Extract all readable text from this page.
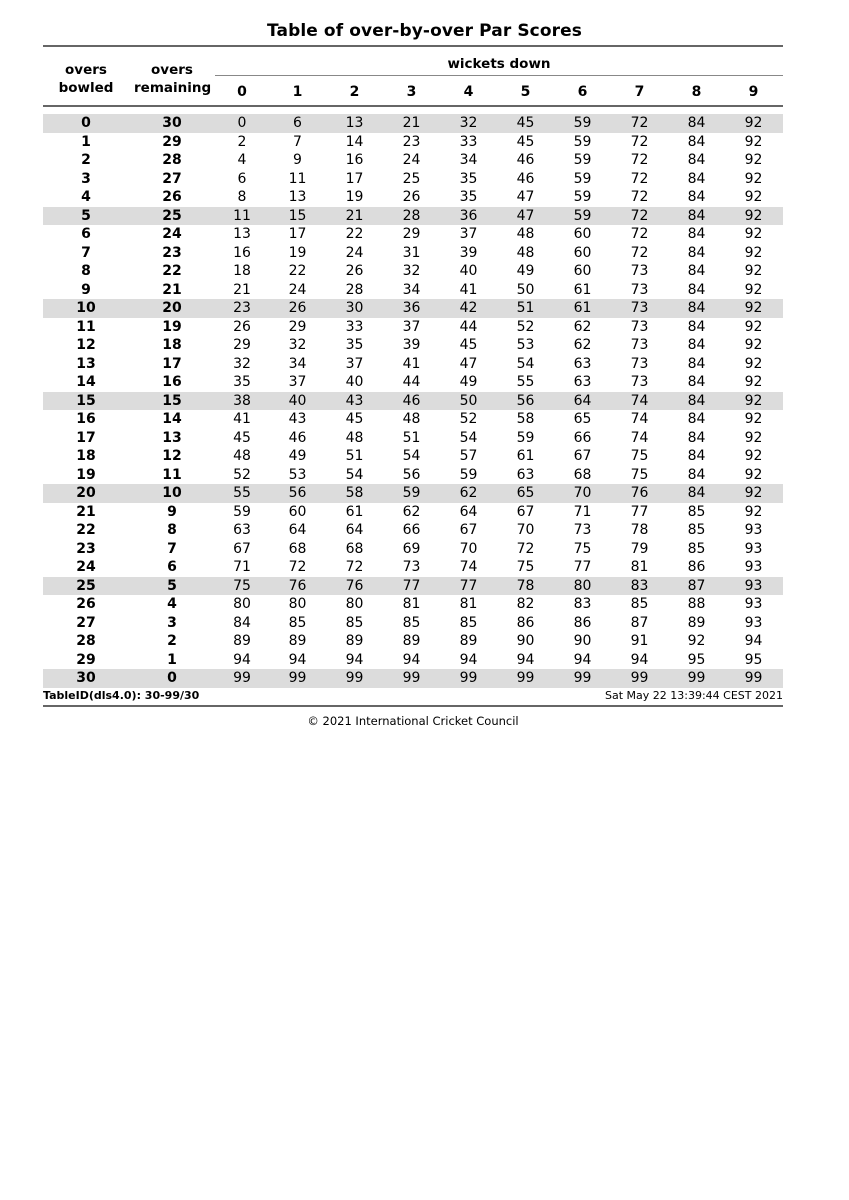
Table of over-by-over Par Scores
overs bowled
overs remaining
wickets down
0	1	2	3	4	5	6	7	8	9
0	30	0	6	13	21	32	45	59	72	84	92
1	29	2	7	14	23	33	45	59	72	84	92
2	28	4	9	16	24	34	46	59	72	84	92
3	27	6	11	17	25	35	46	59	72	84	92
4	26	8	13	19	26	35	47	59	72	84	92
5	25	11	15	21	28	36	47	59	72	84	92
6	24	13	17	22	29	37	48	60	72	84	92
7	23	16	19	24	31	39	48	60	72	84	92
8	22	18	22	26	32	40	49	60	73	84	92
9	21	21	24	28	34	41	50	61	73	84	92
10	20	23	26	30	36	42	51	61	73	84	92
11	19	26	29	33	37	44	52	62	73	84	92
12	18	29	32	35	39	45	53	62	73	84	92
13	17	32	34	37	41	47	54	63	73	84	92
14	16	35	37	40	44	49	55	63	73	84	92
15	15	38	40	43	46	50	56	64	74	84	92
16	14	41	43	45	48	52	58	65	74	84	92
17	13	45	46	48	51	54	59	66	74	84	92
18	12	48	49	51	54	57	61	67	75	84	92
19	11	52	53	54	56	59	63	68	75	84	92
20	10	55	56	58	59	62	65	70	76	84	92
21	9	59	60	61	62	64	67	71	77	85	92
22	8	63	64	64	66	67	70	73	78	85	93
23	7	67	68	68	69	70	72	75	79	85	93
24	6	71	72	72	73	74	75	77	81	86	93
25	5	75	76	76	77	77	78	80	83	87	93
26	4	80	80	80	81	81	82	83	85	88	93
27	3	84	85	85	85	85	86	86	87	89	93
28	2	89	89	89	89	89	90	90	91	92	94
29	1	94	94	94	94	94	94	94	94	95	95
30	0	99	99	99	99	99	99	99	99	99	99
TableID(dls4.0): 30-99/30	Sat May 22 13:39:44 CEST 2021
© 2021 International Cricket Council
